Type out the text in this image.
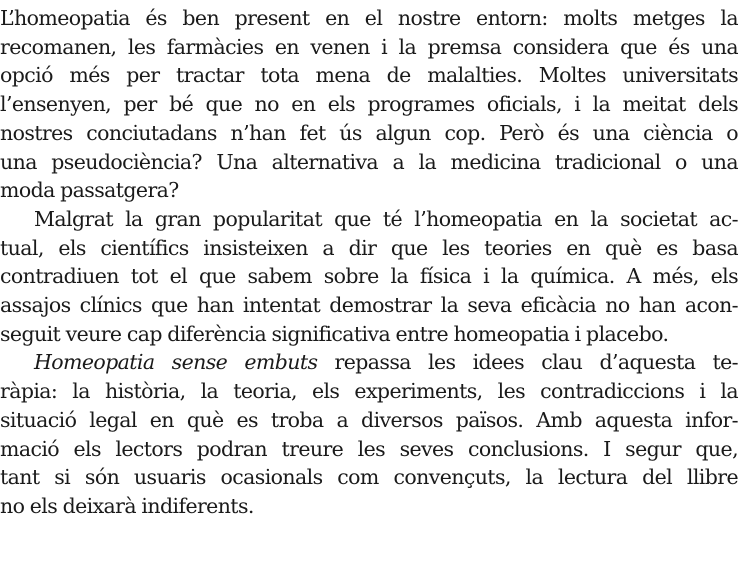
L’homeopatia és ben present en el nostre entorn: molts metges la
recomanen, les farmàcies en venen i la premsa considera que és una
opció més per tractar tota mena de malalties. Moltes universitats
l’ensenyen, per bé que no en els programes oficials, i la meitat dels
nostres conciutadans n’han fet ús algun cop. Però és una ciència o
una pseudociència? Una alternativa a la medicina tradicional o una
moda passatgera?

Malgrat la gran popularitat que té l’homeopatia en la societat ac-
tual, els científics insisteixen a dir que les teories en què es basa
contradiuen tot el que sabem sobre la física i la química. A més, els
assajos clínics que han intentat demostrar la seva eficàcia no han acon-
seguit veure cap diferència significativa entre homeopatia i placebo.

Homeopatia sense embuts repassa les idees clau d’aquesta te-
ràpia: la història, la teoria, els experiments, les contradiccions i la
situació legal en què es troba a diversos països. Amb aquesta infor-
mació els lectors podran treure les seves conclusions. I segur que,
tant si són usuaris ocasionals com convençuts, la lectura del llibre
no els deixarà indiferents.
